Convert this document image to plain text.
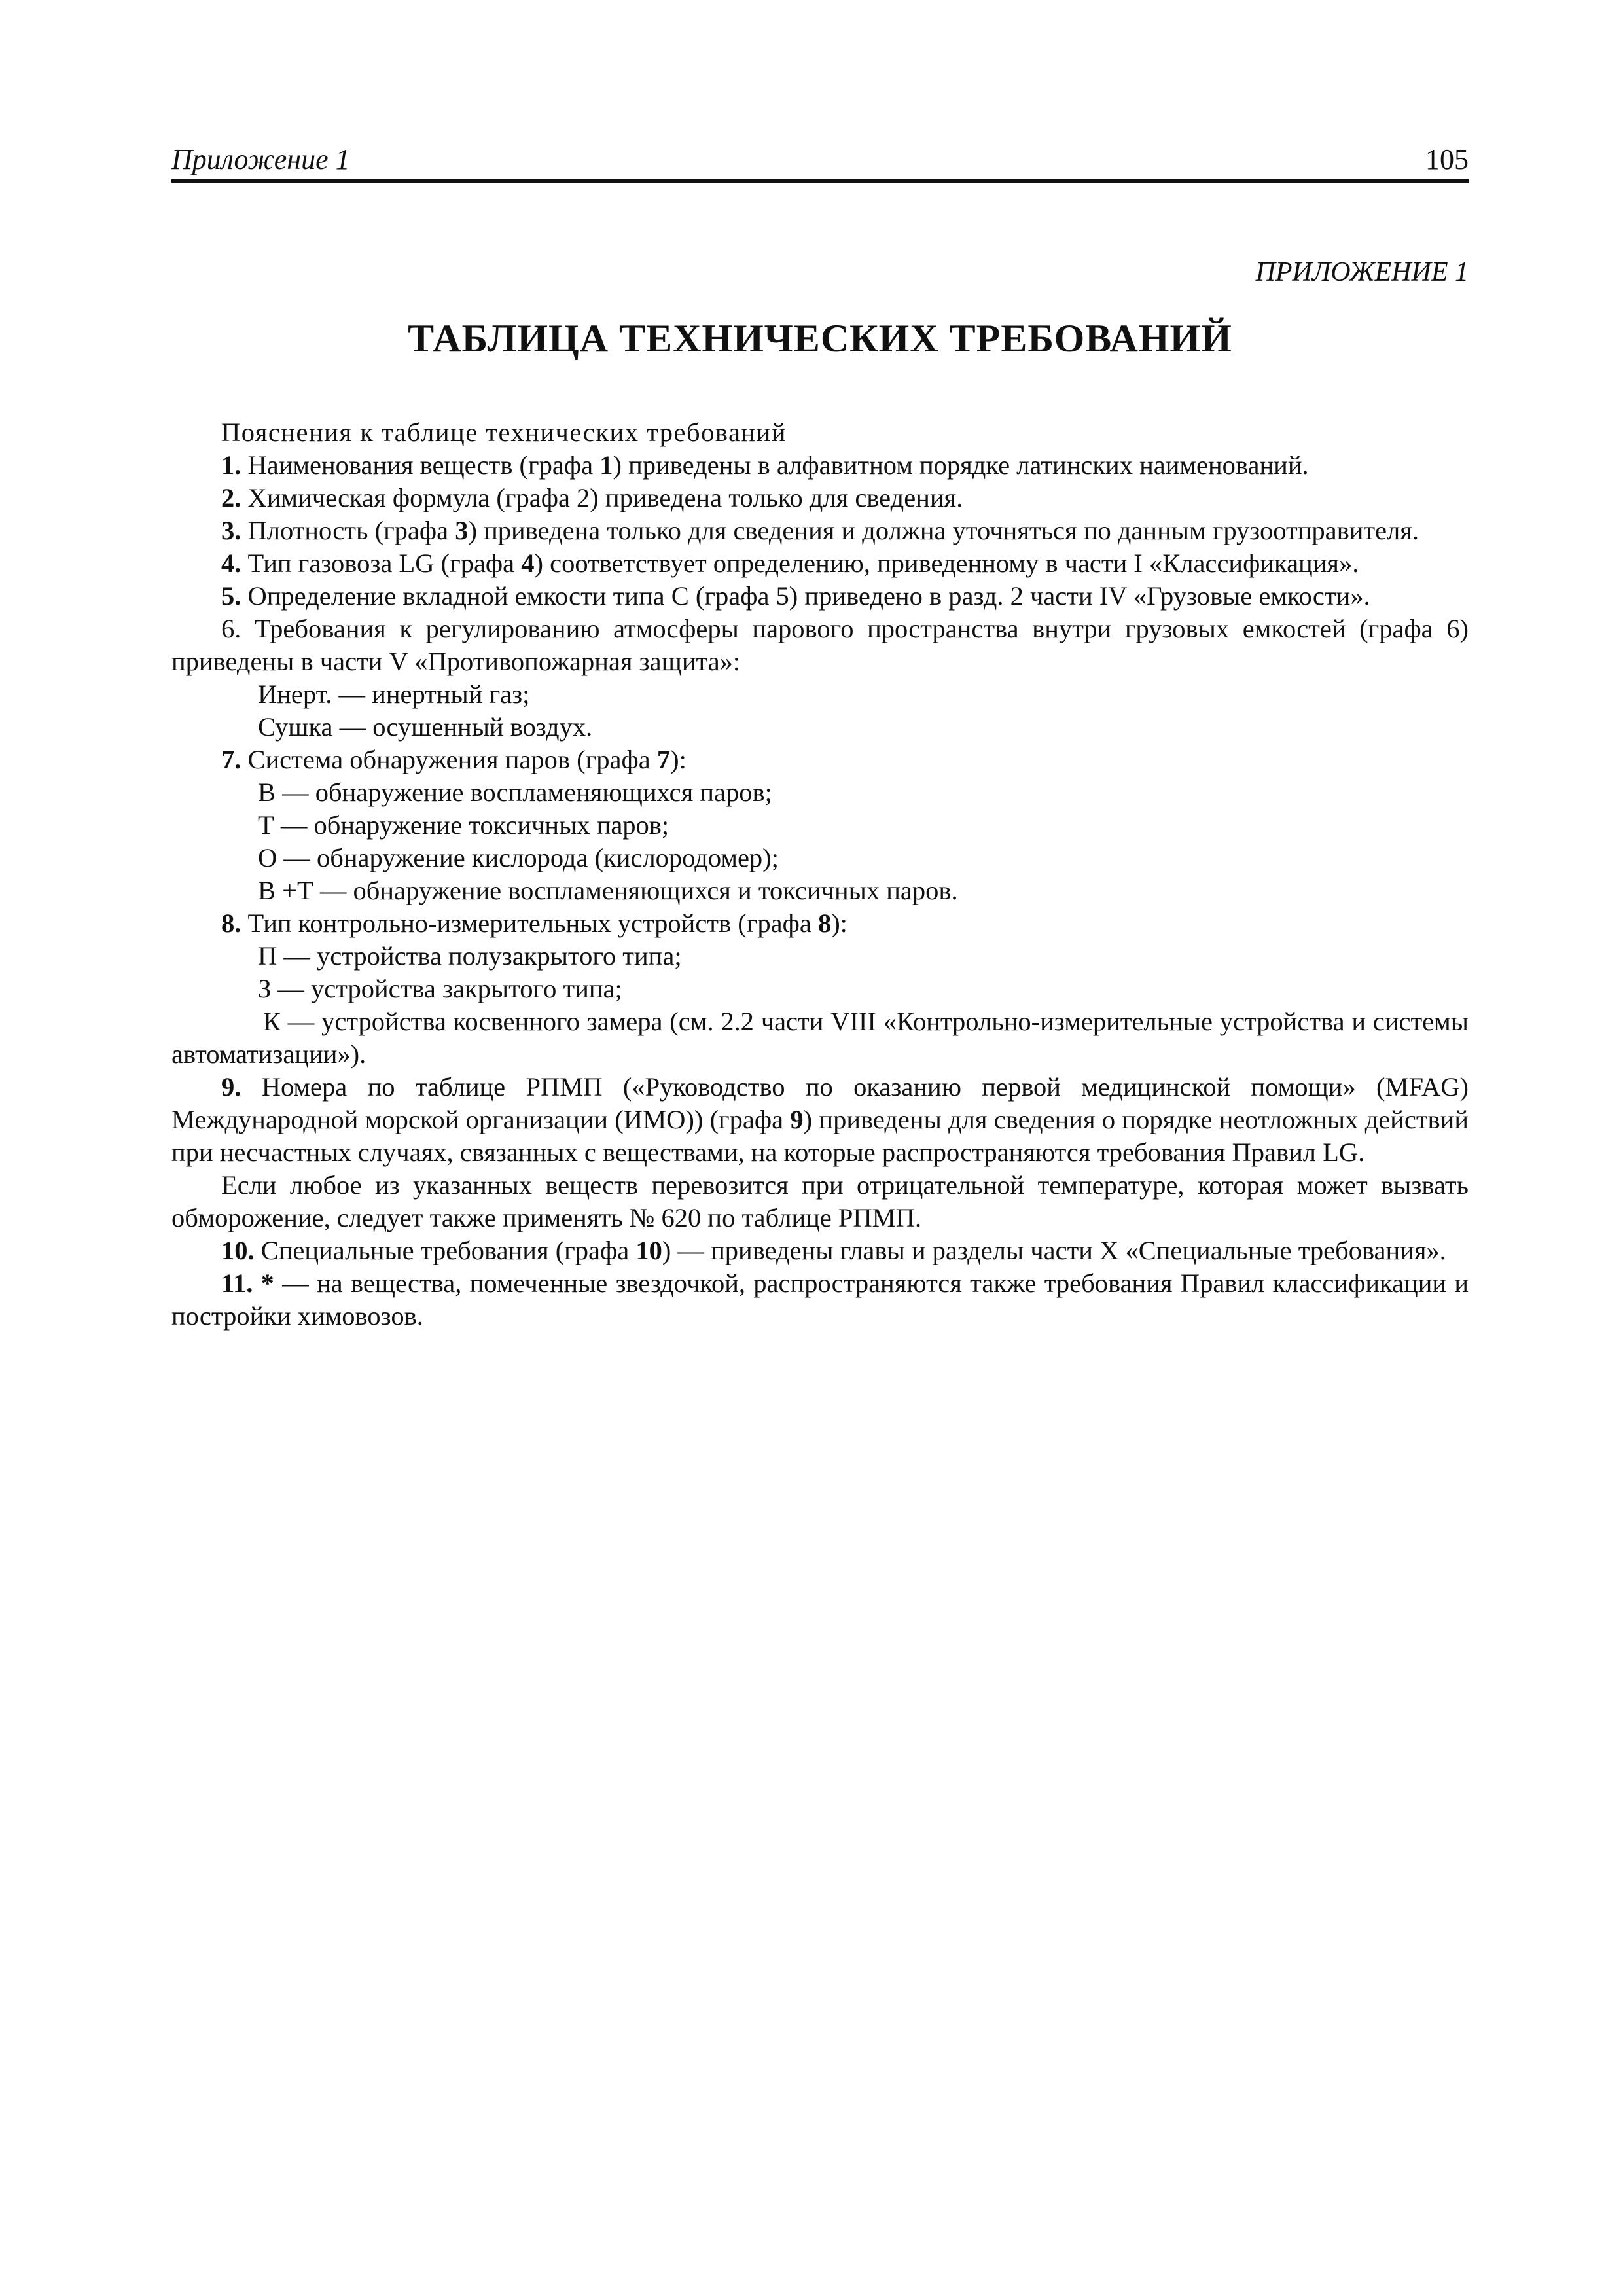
Приложение 1	105
ПРИЛОЖЕНИЕ 1
ТАБЛИЦА ТЕХНИЧЕСКИХ ТРЕБОВАНИЙ

Пояснения к таблице технических требований

1. Наименования веществ (графа 1) приведены в алфавитном порядке латинских наименований.

2. Химическая формула (графа 2) приведена только для сведения.

3. Плотность (графа 3) приведена только для сведения и должна уточняться по данным грузоотправителя.

4. Тип газовоза LG (графа 4) соответствует определению, приведенному в части I «Классификация».

5. Определение вкладной емкости типа С (графа 5) приведено в разд. 2 части IV «Грузовые емкости».

6. Требования к регулированию атмосферы парового пространства внутри грузовых емкостей (графа 6) приведены в части V «Противопожарная защита»:

Инерт. — инертный газ;

Сушка — осушенный воздух.

7. Система обнаружения паров (графа 7):

В — обнаружение воспламеняющихся паров;

Т — обнаружение токсичных паров;

О — обнаружение кислорода (кислородомер);

В +Т — обнаружение воспламеняющихся и токсичных паров.

8. Тип контрольно-измерительных устройств (графа 8):

П — устройства полузакрытого типа;

З — устройства закрытого типа;

К — устройства косвенного замера (см. 2.2 части VIII «Контрольно-измерительные устройства и системы автоматизации»).

9. Номера по таблице РПМП («Руководство по оказанию первой медицинской помощи» (MFAG) Международной морской организации (ИМО)) (графа 9) приведены для сведения о порядке неотложных действий при несчастных случаях, связанных с веществами, на которые распространяются требования Правил LG.

Если любое из указанных веществ перевозится при отрицательной температуре, которая может вызвать обморожение, следует также применять № 620 по таблице РПМП.

10. Специальные требования (графа 10) — приведены главы и разделы части X «Специальные требования».

11. * — на вещества, помеченные звездочкой, распространяются также требования Правил классификации и постройки химовозов.
